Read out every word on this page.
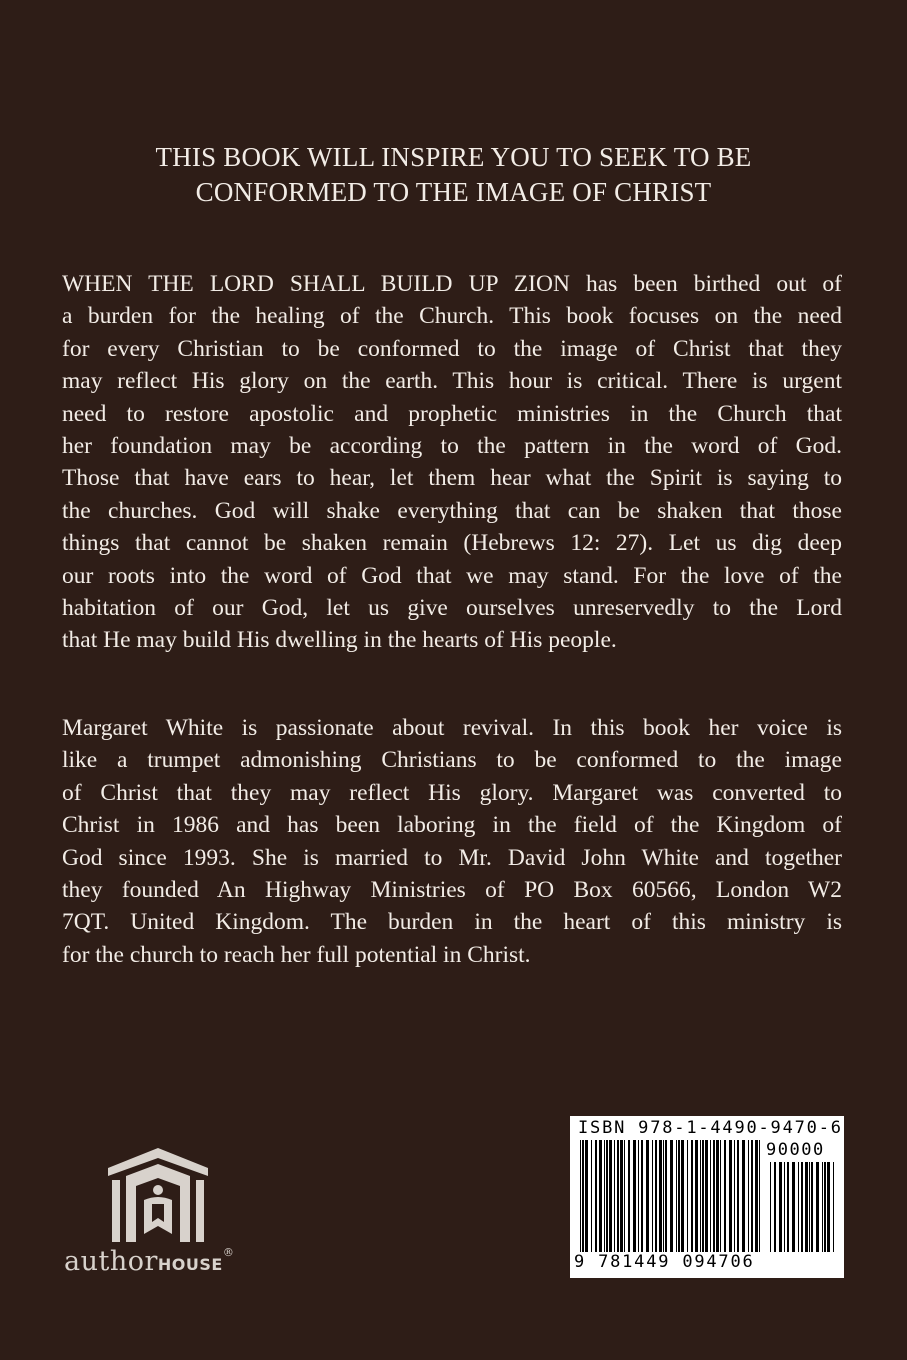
THIS BOOK WILL INSPIRE YOU TO SEEK TO BE
CONFORMED TO THE IMAGE OF CHRIST
WHEN THE LORD SHALL BUILD UP ZION has been birthed out of
a burden for the healing of the Church. This book focuses on the need
for every Christian to be conformed to the image of Christ that they
may reflect His glory on the earth. This hour is critical. There is urgent
need to restore apostolic and prophetic ministries in the Church that
her foundation may be according to the pattern in the word of God.
Those that have ears to hear, let them hear what the Spirit is saying to
the churches. God will shake everything that can be shaken that those
things that cannot be shaken remain (Hebrews 12: 27). Let us dig deep
our roots into the word of God that we may stand. For the love of the
habitation of our God, let us give ourselves unreservedly to the Lord
that He may build His dwelling in the hearts of His people.
Margaret White is passionate about revival. In this book her voice is
like a trumpet admonishing Christians to be conformed to the image
of Christ that they may reflect His glory. Margaret was converted to
Christ in 1986 and has been laboring in the field of the Kingdom of
God since 1993. She is married to Mr. David John White and together
they founded An Highway Ministries of PO Box 60566, London W2
7QT. United Kingdom. The burden in the heart of this ministry is
for the church to reach her full potential in Christ.
authorHOUSE®
ISBN 978-1-4490-9470-6
90000
9 781449 094706
